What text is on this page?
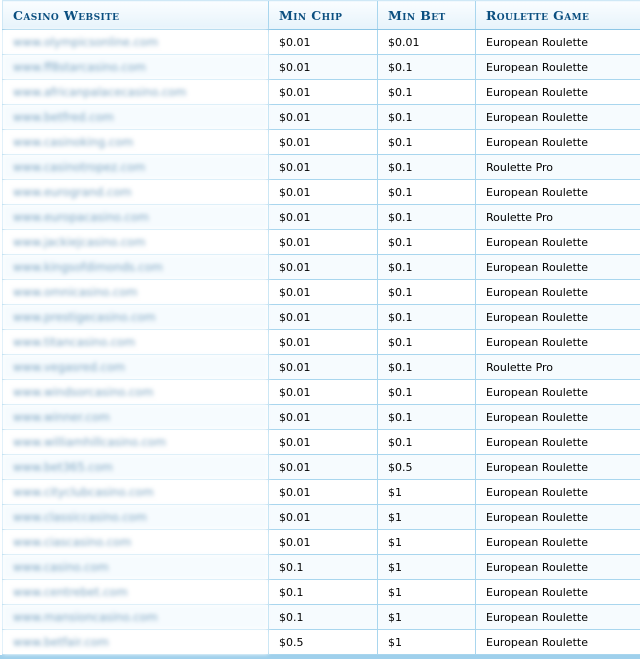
Casino Website	Min Chip	Min Bet	Roulette Game
www.olympicsonline.com	$0.01	$0.01	European Roulette
www.ff8starcasino.com	$0.01	$0.1	European Roulette
www.africanpalacecasino.com	$0.01	$0.1	European Roulette
www.betfred.com	$0.01	$0.1	European Roulette
www.casinoking.com	$0.01	$0.1	European Roulette
www.casinotropez.com	$0.01	$0.1	Roulette Pro
www.eurogrand.com	$0.01	$0.1	European Roulette
www.europacasino.com	$0.01	$0.1	Roulette Pro
www.jackiejcasino.com	$0.01	$0.1	European Roulette
www.kingsofdimonds.com	$0.01	$0.1	European Roulette
www.omnicasino.com	$0.01	$0.1	European Roulette
www.prestigecasino.com	$0.01	$0.1	European Roulette
www.titancasino.com	$0.01	$0.1	European Roulette
www.vegasred.com	$0.01	$0.1	Roulette Pro
www.windsorcasino.com	$0.01	$0.1	European Roulette
www.winner.com	$0.01	$0.1	European Roulette
www.williamhillcasino.com	$0.01	$0.1	European Roulette
www.bet365.com	$0.01	$0.5	European Roulette
www.cityclubcasino.com	$0.01	$1	European Roulette
www.classiccasino.com	$0.01	$1	European Roulette
www.ciascasino.com	$0.01	$1	European Roulette
www.casino.com	$0.1	$1	European Roulette
www.centrebet.com	$0.1	$1	European Roulette
www.mansioncasino.com	$0.1	$1	European Roulette
www.betfair.com	$0.5	$1	European Roulette
